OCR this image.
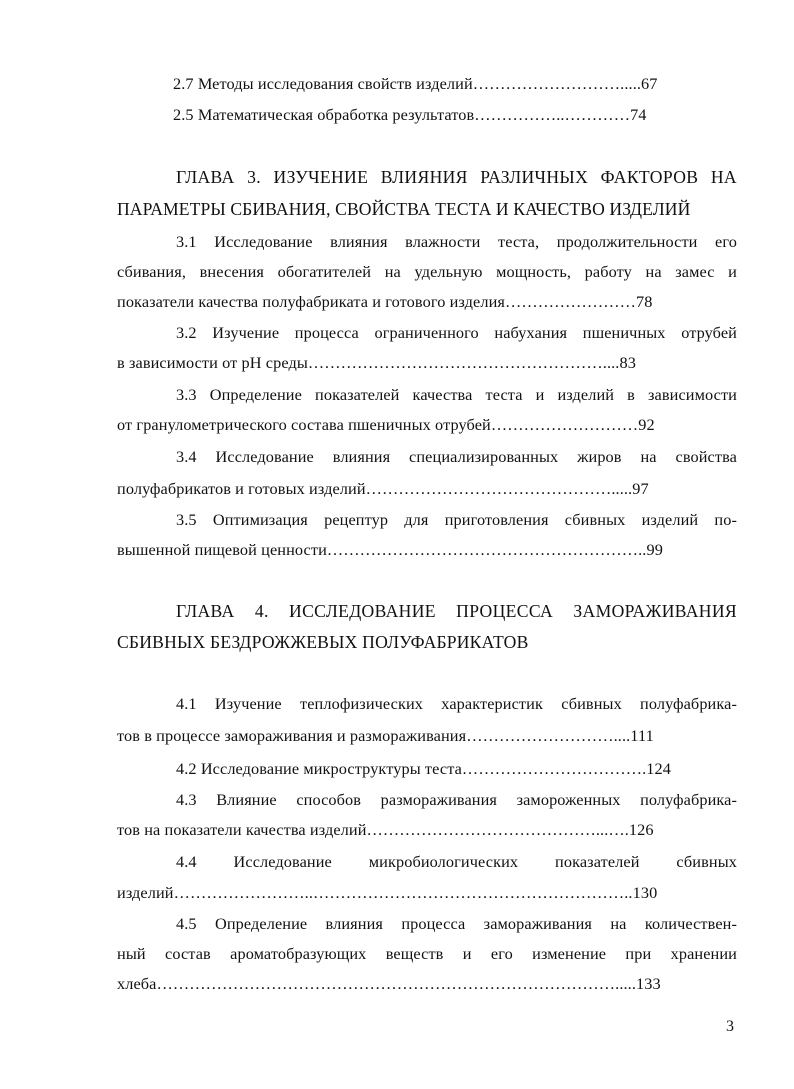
2.7 Методы исследования свойств изделий……………………….....67
2.5 Математическая обработка результатов……………..…………74
ГЛАВА 3. ИЗУЧЕНИЕ ВЛИЯНИЯ РАЗЛИЧНЫХ ФАКТОРОВ НА
ПАРАМЕТРЫ СБИВАНИЯ, СВОЙСТВА ТЕСТА И КАЧЕСТВО ИЗДЕЛИЙ
3.1 Исследование влияния влажности теста, продолжительности его
сбивания, внесения обогатителей на удельную мощность, работу на замес и
показатели качества полуфабриката и готового изделия……………………78
3.2 Изучение процесса ограниченного набухания пшеничных отрубей
в зависимости от рН среды………………………………………………....83
3.3 Определение показателей качества теста и изделий в зависимости
от гранулометрического состава пшеничных отрубей………………………92
3.4 Исследование влияния специализированных жиров на свойства
полуфабрикатов и готовых изделий……………………………………….....97
3.5 Оптимизация рецептур для приготовления сбивных изделий по-
вышенной пищевой ценности…………………………………………………..99
ГЛАВА 4. ИССЛЕДОВАНИЕ ПРОЦЕССА ЗАМОРАЖИВАНИЯ
СБИВНЫХ БЕЗДРОЖЖЕВЫХ ПОЛУФАБРИКАТОВ
4.1 Изучение теплофизических характеристик сбивных полуфабрика-
тов в процессе замораживания и размораживания………………………....111
4.2 Исследование микроструктуры теста…………………………….124
4.3 Влияние способов размораживания замороженных полуфабрика-
тов на показатели качества изделий……………………………………...….126
4.4 Исследование микробиологических показателей сбивных
изделий……………………..…………………………………………………..130
4.5 Определение влияния процесса замораживания на количествен-
ный состав ароматобразующих веществ и его изменение при хранении
хлеба………………………………………………………………………….....133
3
